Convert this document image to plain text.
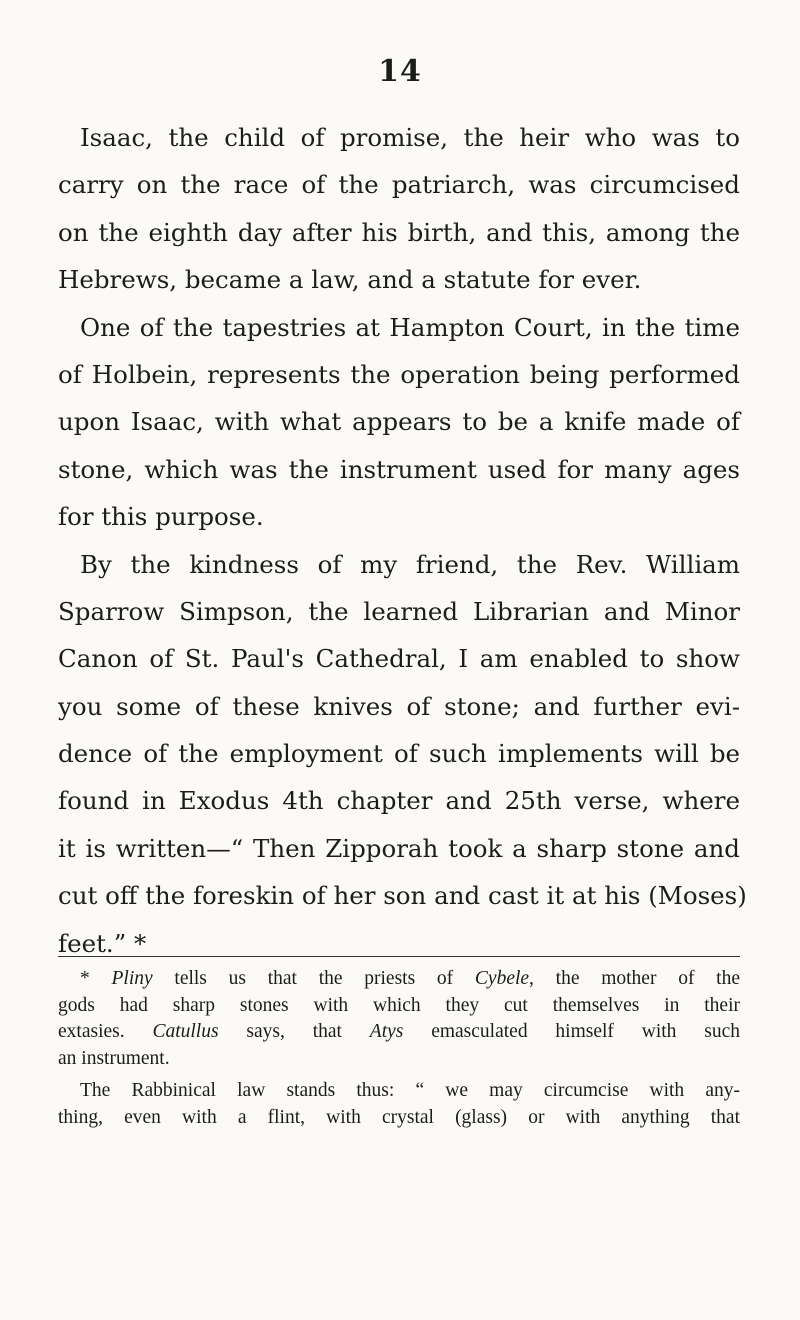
14
Isaac, the child of promise, the heir who was to
carry on the race of the patriarch, was circumcised
on the eighth day after his birth, and this, among the
Hebrews, became a law, and a statute for ever.
One of the tapestries at Hampton Court, in the time
of Holbein, represents the operation being performed
upon Isaac, with what appears to be a knife made of
stone, which was the instrument used for many ages
for this purpose.
By the kindness of my friend, the Rev. William
Sparrow Simpson, the learned Librarian and Minor
Canon of St. Paul's Cathedral, I am enabled to show
you some of these knives of stone; and further evi-
dence of the employment of such implements will be
found in Exodus 4th chapter and 25th verse, where
it is written—“ Then Zipporah took a sharp stone and
cut off the foreskin of her son and cast it at his (Moses)
feet.” *
* Pliny tells us that the priests of Cybele, the mother of the
gods had sharp stones with which they cut themselves in their
extasies. Catullus says, that Atys emasculated himself with such
an instrument.
The Rabbinical law stands thus: “ we may circumcise with any-
thing, even with a flint, with crystal (glass) or with anything that
